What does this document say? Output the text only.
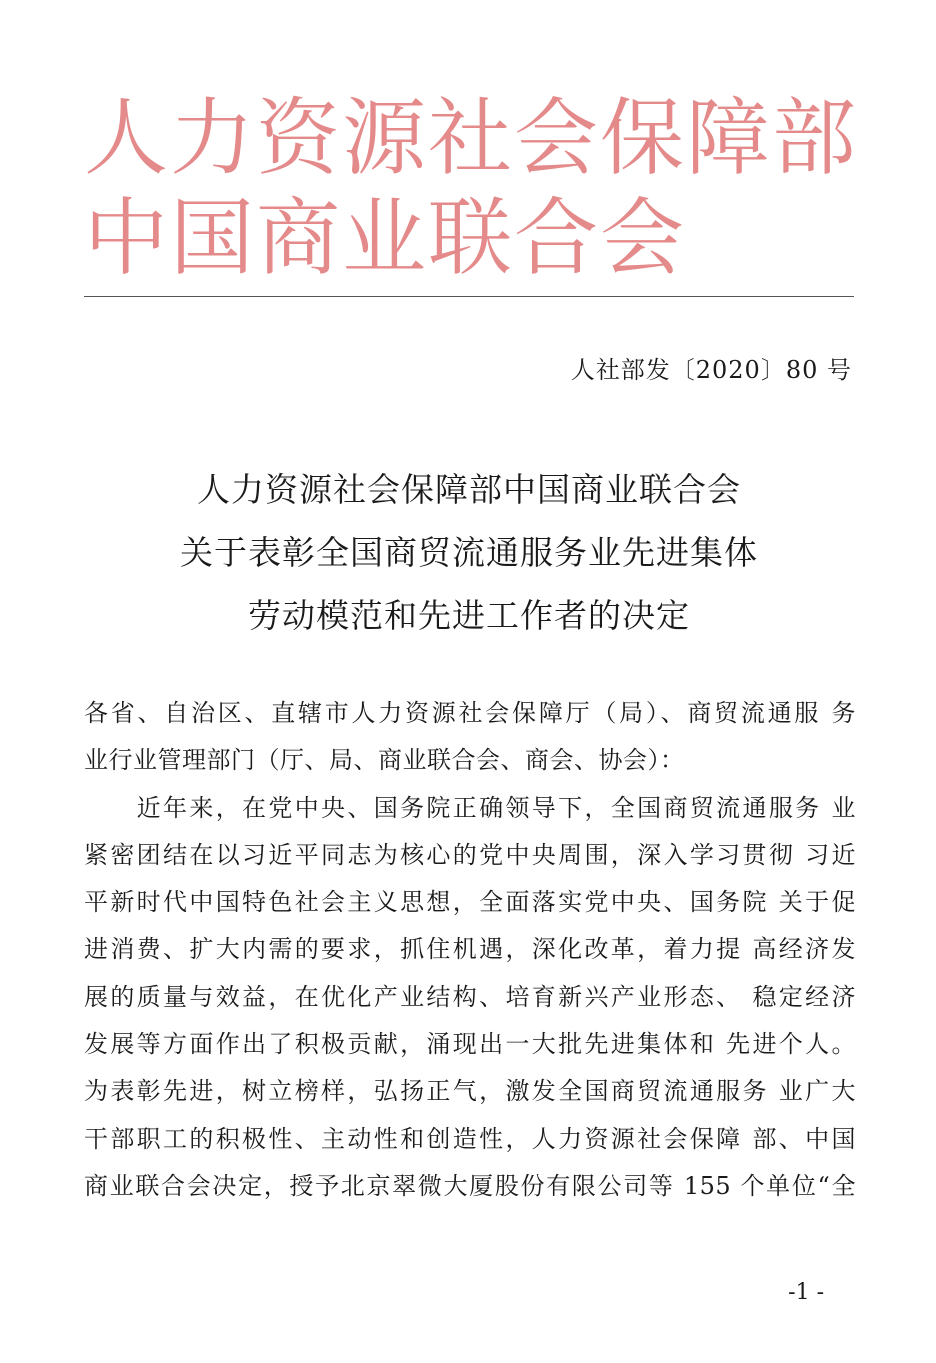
人力资源社会保障部
中国商业联合会
人社部发〔2020〕80 号
人力资源社会保障部中国商业联合会
关于表彰全国商贸流通服务业先进集体
劳动模范和先进工作者的决定
各省、自治区、直辖市人力资源社会保障厅（局）、商贸流通服 务
业行业管理部门（厅、局、商业联合会、商会、协会）：
　　近年来，在党中央、国务院正确领导下，全国商贸流通服务 业
紧密团结在以习近平同志为核心的党中央周围，深入学习贯彻 习近
平新时代中国特色社会主义思想，全面落实党中央、国务院 关于促
进消费、扩大内需的要求，抓住机遇，深化改革，着力提 高经济发
展的质量与效益，在优化产业结构、培育新兴产业形态、 稳定经济
发展等方面作出了积极贡献，涌现出一大批先进集体和 先进个人。
为表彰先进，树立榜样，弘扬正气，激发全国商贸流通服务 业广大
干部职工的积极性、主动性和创造性，人力资源社会保障 部、中国
商业联合会决定，授予北京翠微大厦股份有限公司等 155 个单位“全
-1 -
